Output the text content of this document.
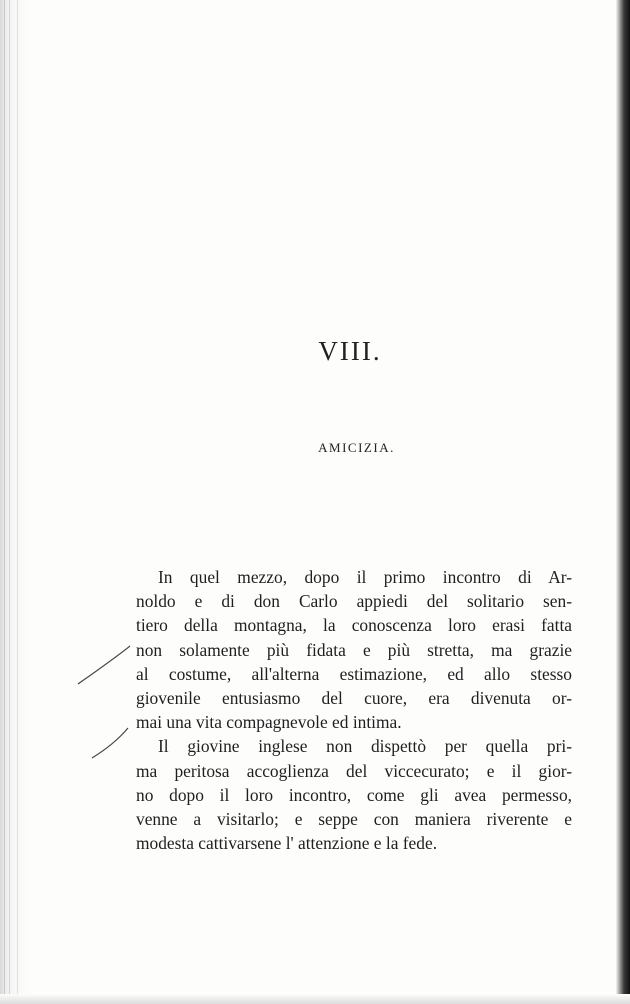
VIII.
AMICIZIA.
In quel mezzo, dopo il primo incontro di Ar-
noldo e di don Carlo appiedi del solitario sen-
tiero della montagna, la conoscenza loro erasi fatta
non solamente più fidata e più stretta, ma grazie
al costume, all'alterna estimazione, ed allo stesso
giovenile entusiasmo del cuore, era divenuta or-
mai una vita compagnevole ed intima.
Il giovine inglese non dispettò per quella pri-
ma peritosa accoglienza del viccecurato; e il gior-
no dopo il loro incontro, come gli avea permesso,
venne a visitarlo; e seppe con maniera riverente e
modesta cattivarsene l' attenzione e la fede.
